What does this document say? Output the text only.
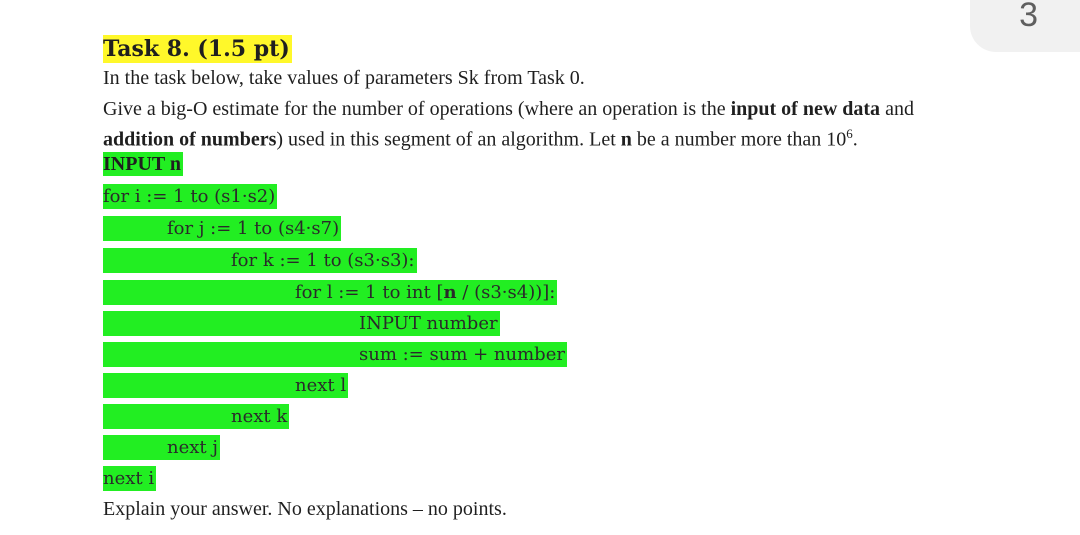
3
Task 8. (1.5 pt)
In the task below, take values of parameters Sk from Task 0.
Give a big-O estimate for the number of operations (where an operation is the input of new data and
addition of numbers) used in this segment of an algorithm. Let n be a number more than $10^6$.
INPUT n
for i := 1 to (s1·s2)
for j := 1 to (s4·s7)
for k := 1 to (s3·s3):
for l := 1 to int [n / (s3·s4))]:
INPUT number
sum := sum + number
next l
next k
next j
next i
Explain your answer. No explanations – no points.
